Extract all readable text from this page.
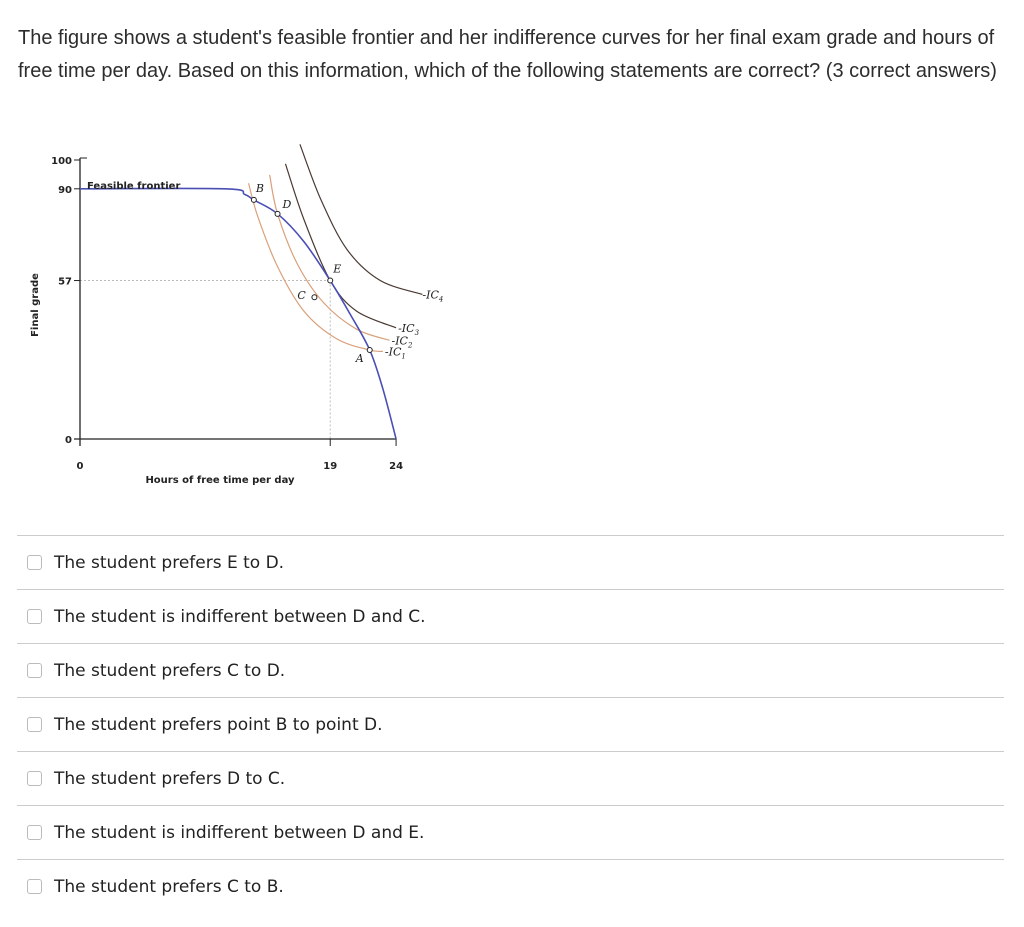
The figure shows a student's feasible frontier and her indifference curves for her final exam grade and hours of free time per day. Based on this information, which of the following statements are correct? (3 correct answers)
100
90
57
0
0	19	24
Hours of free time per day
Final grade
$-IC_1$
$-IC_2$
$-IC_3$
$-IC_4$
Feasible frontier	B
D
E
C
A
The student prefers E to D.
The student is indifferent between D and C.
The student prefers C to D.
The student prefers point B to point D.
The student prefers D to C.
The student is indifferent between D and E.
The student prefers C to B.
